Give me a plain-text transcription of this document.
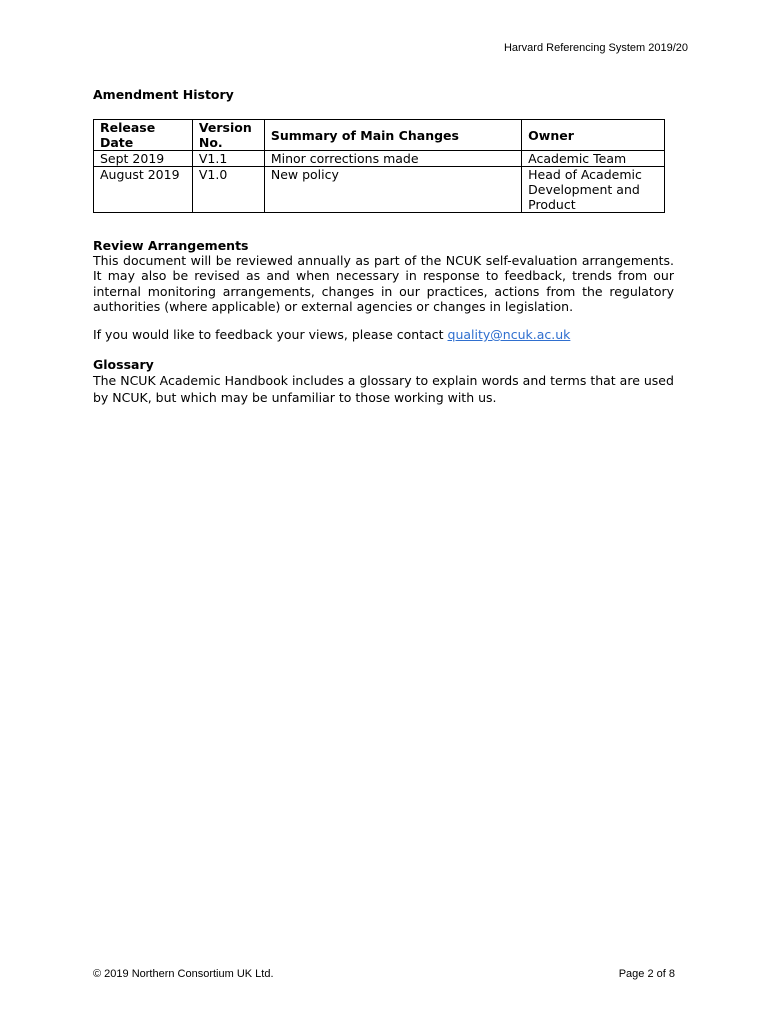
Harvard Referencing System 2019/20
Amendment History
Release Date	Version No.	Summary of Main Changes	Owner
Sept 2019	V1.1	Minor corrections made	Academic Team
August 2019	V1.0	New policy	Head of Academic Development and Product
Review Arrangements
This document will be reviewed annually as part of the NCUK self-evaluation arrangements. It may also be revised as and when necessary in response to feedback, trends from our internal monitoring arrangements, changes in our practices, actions from the regulatory authorities (where applicable) or external agencies or changes in legislation.
If you would like to feedback your views, please contact quality@ncuk.ac.uk
Glossary
The NCUK Academic Handbook includes a glossary to explain words and terms that are used by NCUK, but which may be unfamiliar to those working with us.
© 2019 Northern Consortium UK Ltd.	Page 2 of 8
